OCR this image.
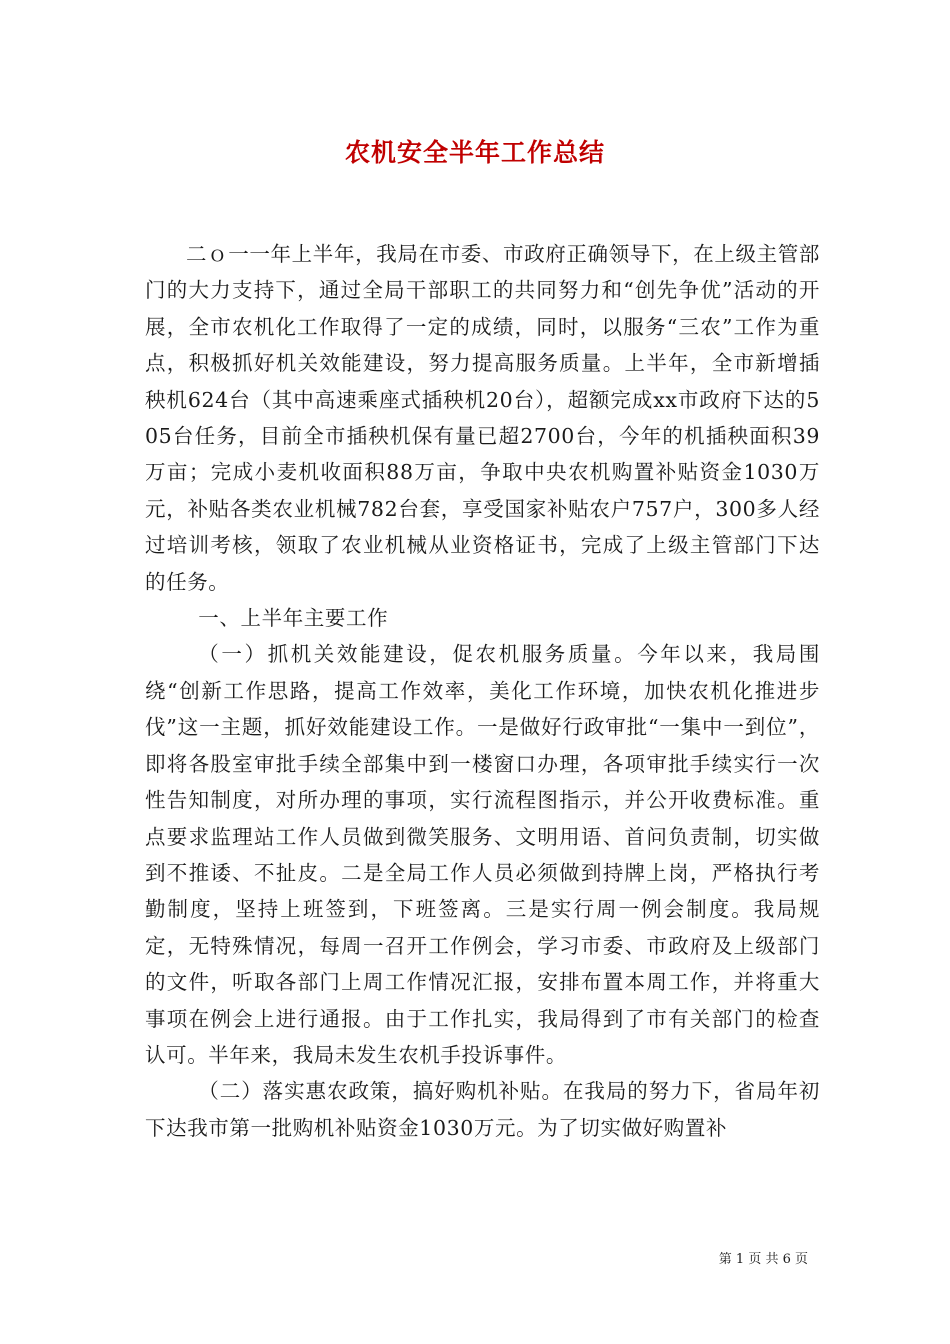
农机安全半年工作总结

二ｏ一一年上半年，我局在市委、市政府正确领导下，在上级主管部门的大力支持下，通过全局干部职工的共同努力和“创先争优”活动的开展，全市农机化工作取得了一定的成绩，同时，以服务“三农”工作为重点，积极抓好机关效能建设，努力提高服务质量。上半年，全市新增插秧机624台（其中高速乘座式插秧机20台），超额完成xx市政府下达的505台任务，目前全市插秧机保有量已超2700台，今年的机插秧面积39万亩；完成小麦机收面积88万亩，争取中央农机购置补贴资金1030万元，补贴各类农业机械782台套，享受国家补贴农户757户，300多人经过培训考核，领取了农业机械从业资格证书，完成了上级主管部门下达的任务。

一、上半年主要工作

（一）抓机关效能建设，促农机服务质量。今年以来，我局围绕“创新工作思路，提高工作效率，美化工作环境，加快农机化推进步伐”这一主题，抓好效能建设工作。一是做好行政审批“一集中一到位”，即将各股室审批手续全部集中到一楼窗口办理，各项审批手续实行一次性告知制度，对所办理的事项，实行流程图指示，并公开收费标准。重点要求监理站工作人员做到微笑服务、文明用语、首问负责制，切实做到不推诿、不扯皮。二是全局工作人员必须做到持牌上岗，严格执行考勤制度，坚持上班签到，下班签离。三是实行周一例会制度。我局规定，无特殊情况，每周一召开工作例会，学习市委、市政府及上级部门的文件，听取各部门上周工作情况汇报，安排布置本周工作，并将重大事项在例会上进行通报。由于工作扎实，我局得到了市有关部门的检查认可。半年来，我局未发生农机手投诉事件。

（二）落实惠农政策，搞好购机补贴。在我局的努力下，省局年初下达我市第一批购机补贴资金1030万元。为了切实做好购置补

第 1 页 共 6 页
